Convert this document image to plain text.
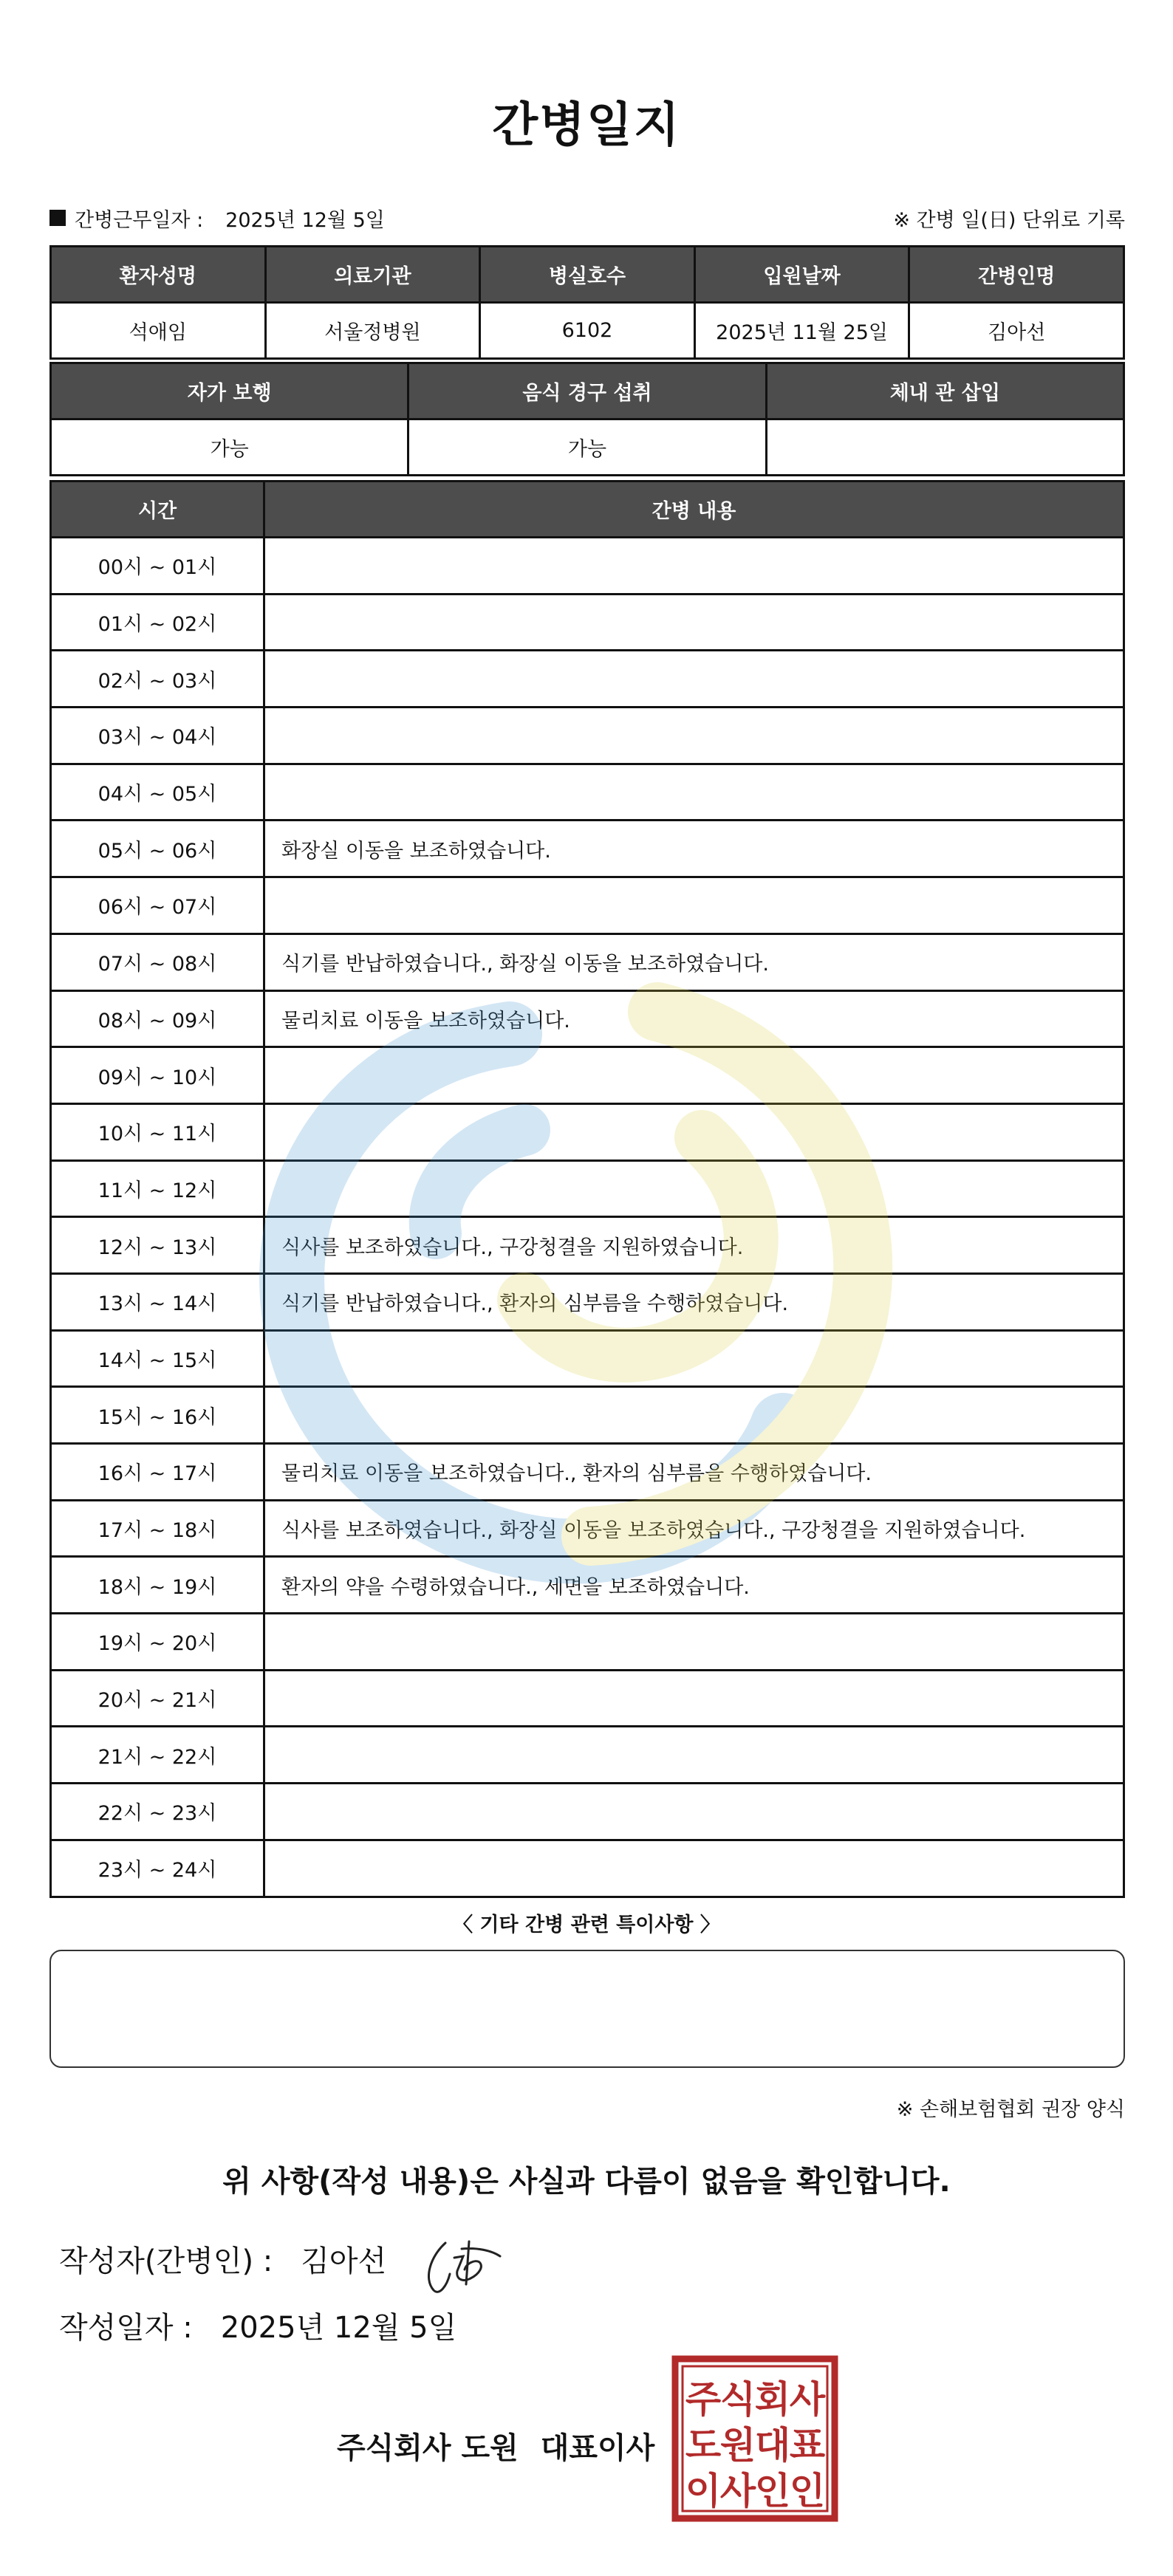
간병일지
간병근무일자 : 2025년 12월 5일	※ 간병 일(日) 단위로 기록
환자성명	의료기관	병실호수	입원날짜	간병인명
석애임	서울정병원	6102	2025년 11월 25일	김아선
자가 보행	음식 경구 섭취	체내 관 삽입
가능	가능	
시간	간병 내용
00시 ~ 01시	
01시 ~ 02시	
02시 ~ 03시	
03시 ~ 04시	
04시 ~ 05시	
05시 ~ 06시	화장실 이동을 보조하였습니다.
06시 ~ 07시	
07시 ~ 08시	식기를 반납하였습니다., 화장실 이동을 보조하였습니다.
08시 ~ 09시	물리치료 이동을 보조하였습니다.
09시 ~ 10시	
10시 ~ 11시	
11시 ~ 12시	
12시 ~ 13시	식사를 보조하였습니다., 구강청결을 지원하였습니다.
13시 ~ 14시	식기를 반납하였습니다., 환자의 심부름을 수행하였습니다.
14시 ~ 15시	
15시 ~ 16시	
16시 ~ 17시	물리치료 이동을 보조하였습니다., 환자의 심부름을 수행하였습니다.
17시 ~ 18시	식사를 보조하였습니다., 화장실 이동을 보조하였습니다., 구강청결을 지원하였습니다.
18시 ~ 19시	환자의 약을 수령하였습니다., 세면을 보조하였습니다.
19시 ~ 20시	
20시 ~ 21시	
21시 ~ 22시	
22시 ~ 23시	
23시 ~ 24시	
〈 기타 간병 관련 특이사항 〉
※ 손해보험협회 권장 양식
위 사항(작성 내용)은 사실과 다름이 없음을 확인합니다.
작성자(간병인) : 김아선
작성일자 : 2025년 12월 5일
주식회사 도원 대표이사
주
식
회
사
도
원
대
표
이
사
인
인
